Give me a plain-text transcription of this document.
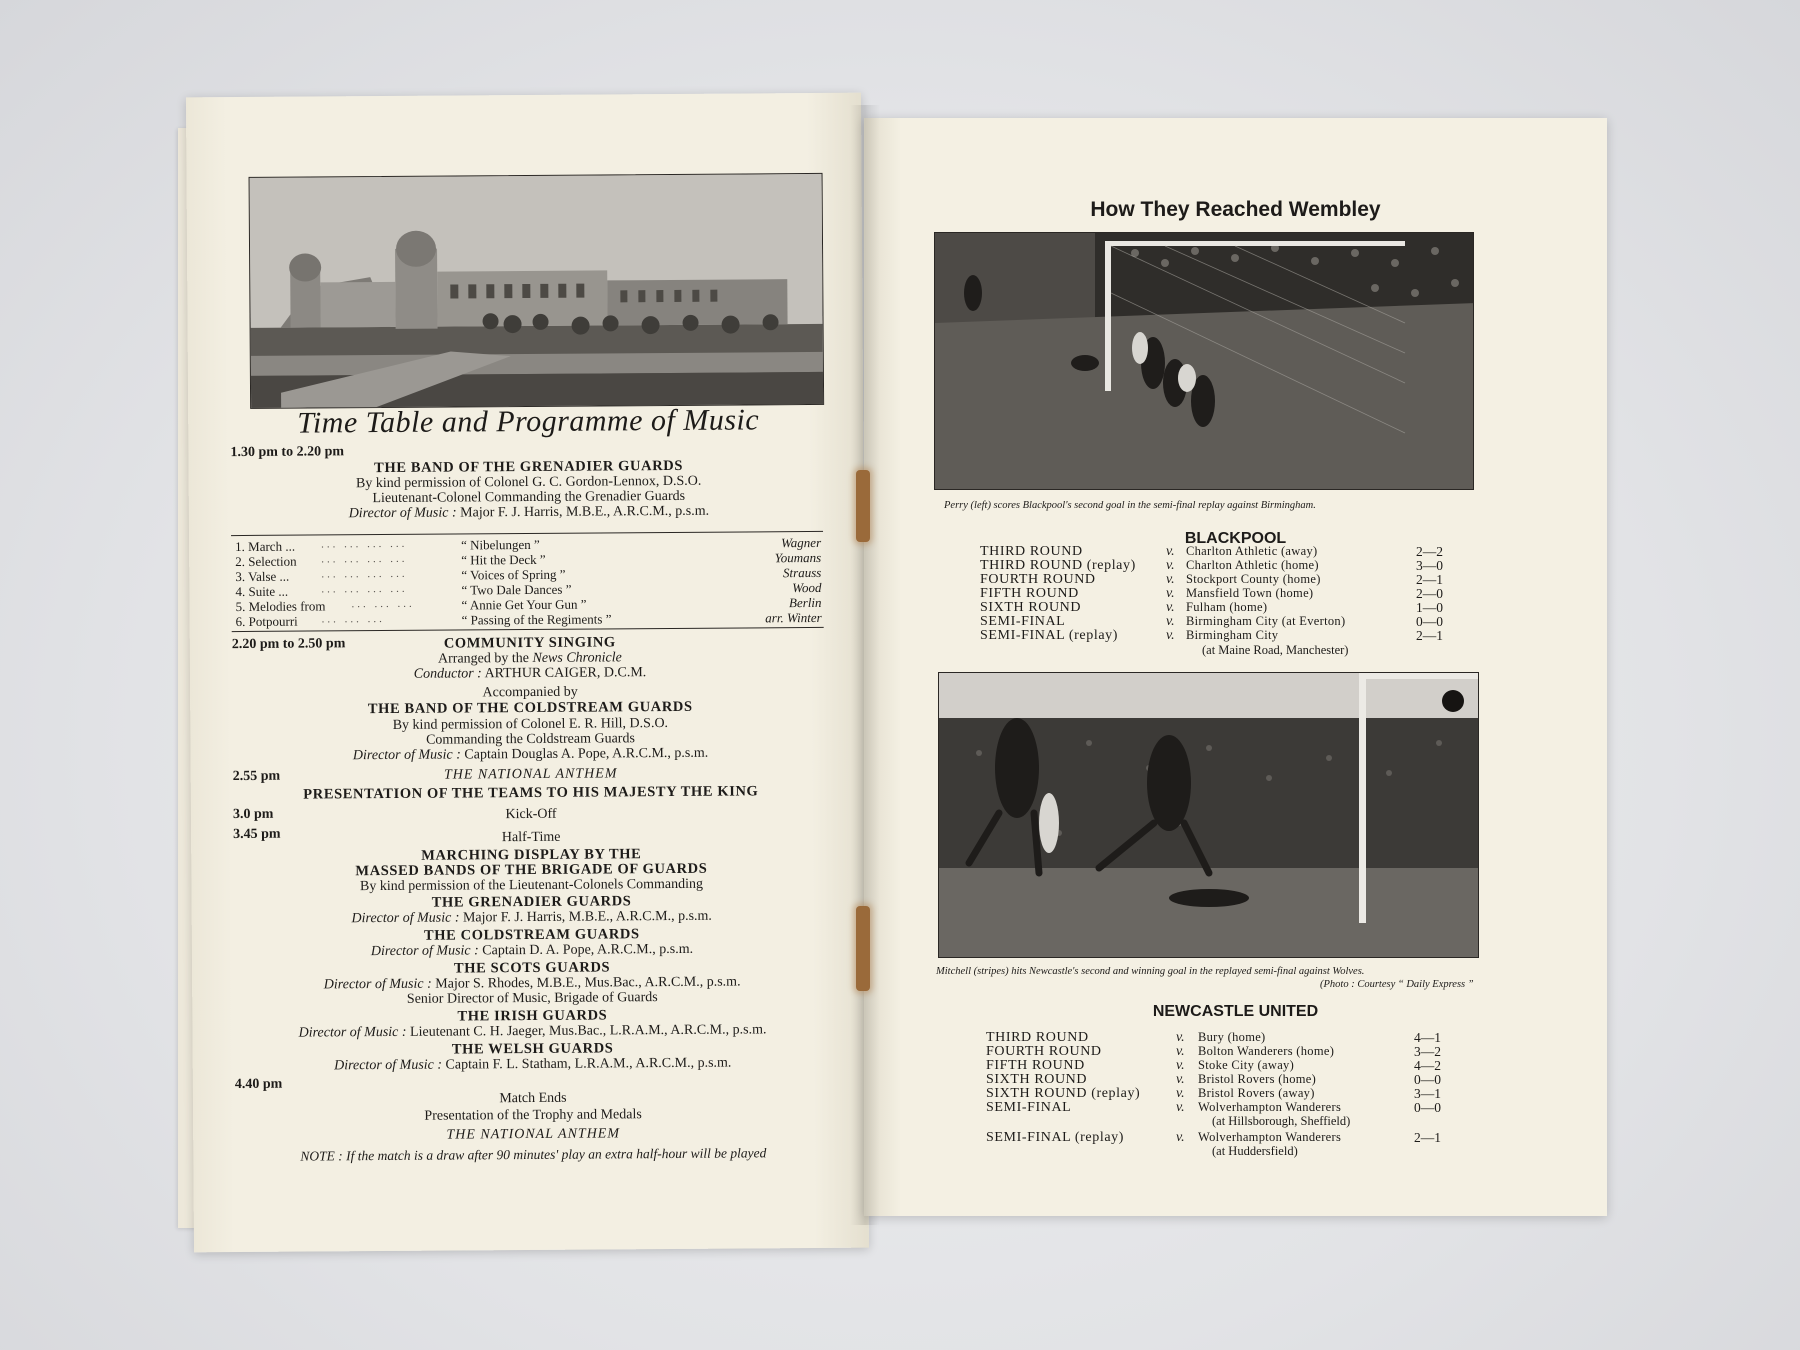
Time Table and Programme of Music
1.30 pm to 2.20 pm
THE BAND OF THE GRENADIER GUARDS
By kind permission of Colonel G. C. Gordon-Lennox, D.S.O.
Lieutenant-Colonel Commanding the Grenadier Guards
Director of Music : Major F. J. Harris, M.B.E., A.R.C.M., p.s.m.
1. March ... ... ... ... ...	“ Nibelungen ”	Wagner
2. Selection ... ... ... ...	“ Hit the Deck ”	Youmans
3. Valse ...	... ... ... ...	“ Voices of Spring ”	Strauss
4. Suite ...	... ... ... ...	“ Two Dale Dances ”	Wood
5. Melodies from ... ... ...	“ Annie Get Your Gun ”	Berlin
6. Potpourri ... ... ...	“ Passing of the Regiments ”	arr. Winter
2.20 pm to 2.50 pm	COMMUNITY SINGING
Arranged by the News Chronicle
Conductor : ARTHUR CAIGER, D.C.M.
Accompanied by
THE BAND OF THE COLDSTREAM GUARDS
By kind permission of Colonel E. R. Hill, D.S.O.
Commanding the Coldstream Guards
Director of Music : Captain Douglas A. Pope, A.R.C.M., p.s.m.
2.55 pm	THE NATIONAL ANTHEM
PRESENTATION OF THE TEAMS TO HIS MAJESTY THE KING
3.0 pm	Kick-Off
3.45 pm	Half-Time
MARCHING DISPLAY BY THE
MASSED BANDS OF THE BRIGADE OF GUARDS
By kind permission of the Lieutenant-Colonels Commanding
THE GRENADIER GUARDS
Director of Music : Major F. J. Harris, M.B.E., A.R.C.M., p.s.m.
THE COLDSTREAM GUARDS
Director of Music : Captain D. A. Pope, A.R.C.M., p.s.m.
THE SCOTS GUARDS
Director of Music : Major S. Rhodes, M.B.E., Mus.Bac., A.R.C.M., p.s.m.
Senior Director of Music, Brigade of Guards
THE IRISH GUARDS
Director of Music : Lieutenant C. H. Jaeger, Mus.Bac., L.R.A.M., A.R.C.M., p.s.m.
THE WELSH GUARDS
Director of Music : Captain F. L. Statham, L.R.A.M., A.R.C.M., p.s.m.
4.40 pm
Match Ends
Presentation of the Trophy and Medals
THE NATIONAL ANTHEM
NOTE : If the match is a draw after 90 minutes' play an extra half-hour will be played
How They Reached Wembley
Perry (left) scores Blackpool's second goal in the semi-final replay against Birmingham.
BLACKPOOL
THIRD ROUND	v. Charlton Athletic (away)	2—2
THIRD ROUND (replay) v. Charlton Athletic (home)	3—0
FOURTH ROUND	v. Stockport County (home)	2—1
FIFTH ROUND	v. Mansfield Town (home)	2—0
SIXTH ROUND	v. Fulham (home)	1—0
SEMI-FINAL	v. Birmingham City (at Everton)	0—0
SEMI-FINAL (replay)	v. Birmingham City	2—1
(at Maine Road, Manchester)
Mitchell (stripes) hits Newcastle's second and winning goal in the replayed semi-final against Wolves.
(Photo : Courtesy “ Daily Express ”
NEWCASTLE UNITED
THIRD ROUND	v. Bury (home)	4—1
FOURTH ROUND	v. Bolton Wanderers (home)	3—2
FIFTH ROUND	v. Stoke City (away)	4—2
SIXTH ROUND	v. Bristol Rovers (home)	0—0
SIXTH ROUND (replay)	v. Bristol Rovers (away)	3—1
SEMI-FINAL	v. Wolverhampton Wanderers	0—0
(at Hillsborough, Sheffield)
SEMI-FINAL (replay)	v. Wolverhampton Wanderers	2—1
(at Huddersfield)
